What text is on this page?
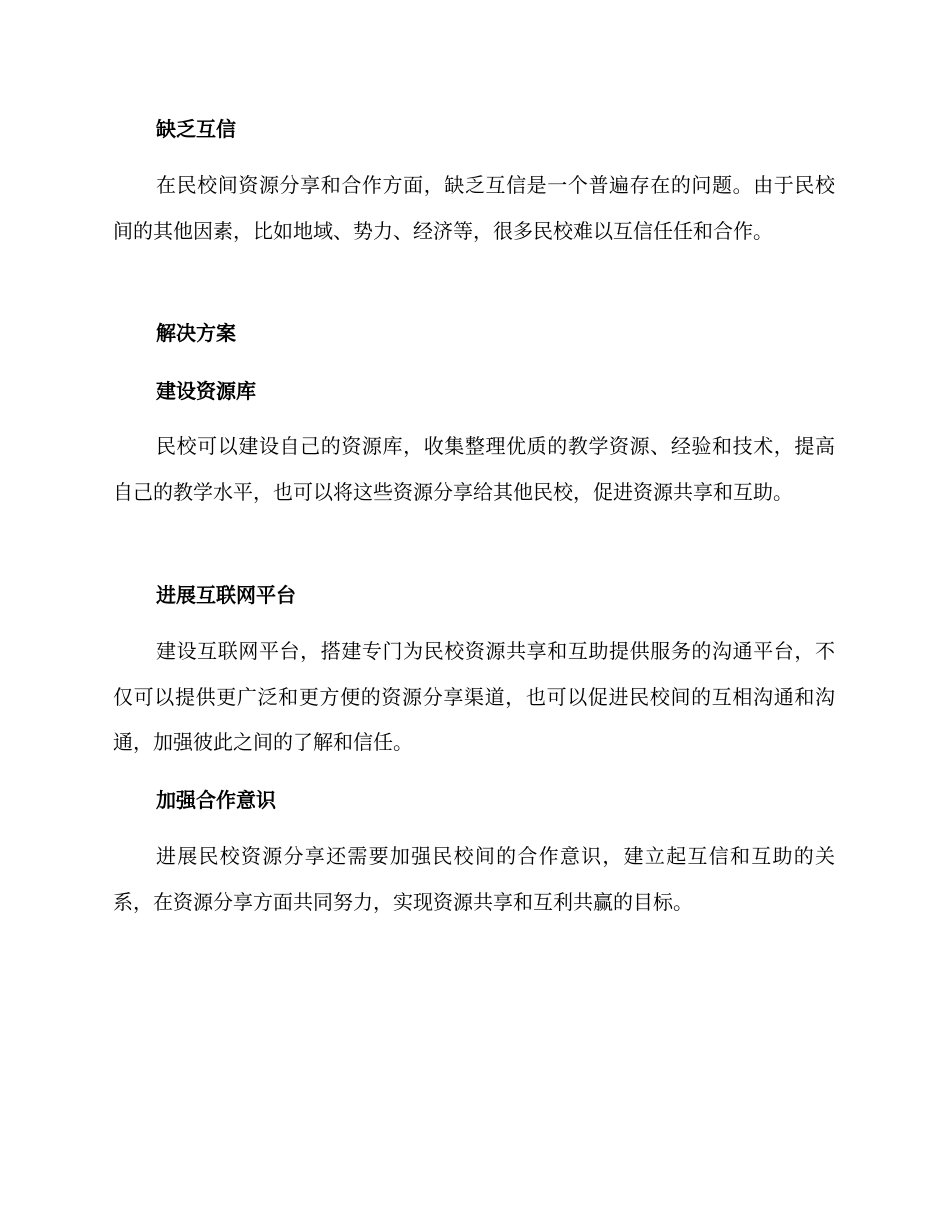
缺乏互信
在民校间资源分享和合作方面，缺乏互信是一个普遍存在的问题。由于民校间的其他因素，比如地域、势力、经济等，很多民校难以互信任任和合作。
解决方案
建设资源库
民校可以建设自己的资源库，收集整理优质的教学资源、经验和技术，提高自己的教学水平，也可以将这些资源分享给其他民校，促进资源共享和互助。
进展互联网平台
建设互联网平台，搭建专门为民校资源共享和互助提供服务的沟通平台，不仅可以提供更广泛和更方便的资源分享渠道，也可以促进民校间的互相沟通和沟通，加强彼此之间的了解和信任。
加强合作意识
进展民校资源分享还需要加强民校间的合作意识，建立起互信和互助的关系，在资源分享方面共同努力，实现资源共享和互利共赢的目标。
